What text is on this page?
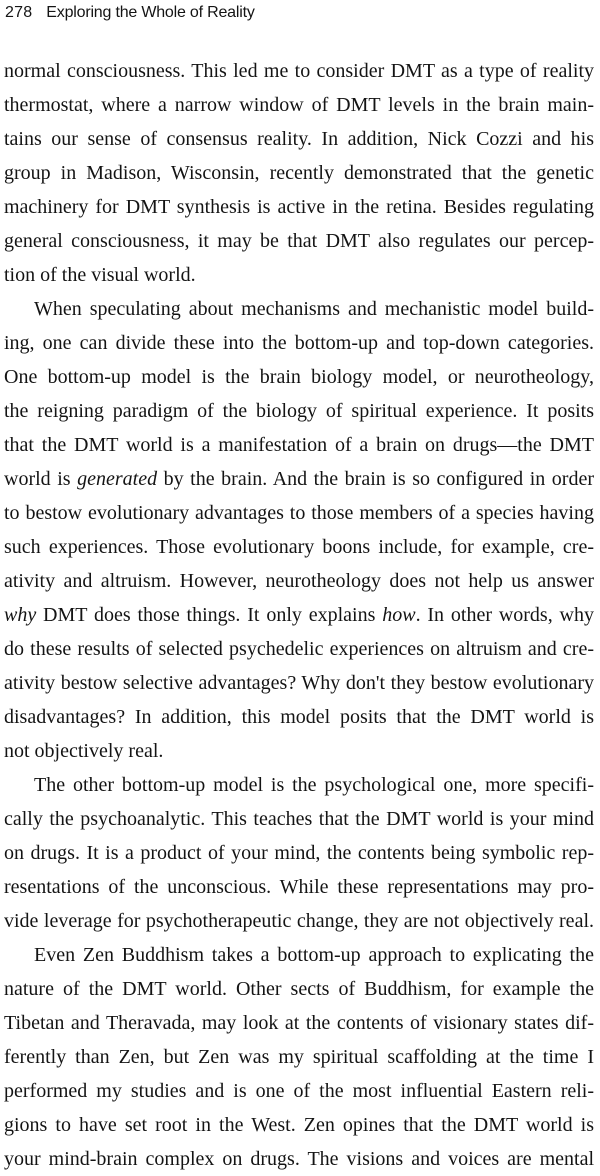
278 Exploring the Whole of Reality
normal consciousness. This led me to consider DMT as a type of reality
thermostat, where a narrow window of DMT levels in the brain main-
tains our sense of consensus reality. In addition, Nick Cozzi and his
group in Madison, Wisconsin, recently demonstrated that the genetic
machinery for DMT synthesis is active in the retina. Besides regulating
general consciousness, it may be that DMT also regulates our percep-
tion of the visual world.
When speculating about mechanisms and mechanistic model build-
ing, one can divide these into the bottom-up and top-down categories.
One bottom-up model is the brain biology model, or neurotheology,
the reigning paradigm of the biology of spiritual experience. It posits
that the DMT world is a manifestation of a brain on drugs—the DMT
world is generated by the brain. And the brain is so configured in order
to bestow evolutionary advantages to those members of a species having
such experiences. Those evolutionary boons include, for example, cre-
ativity and altruism. However, neurotheology does not help us answer
why DMT does those things. It only explains how. In other words, why
do these results of selected psychedelic experiences on altruism and cre-
ativity bestow selective advantages? Why don't they bestow evolutionary
disadvantages? In addition, this model posits that the DMT world is
not objectively real.
The other bottom-up model is the psychological one, more specifi-
cally the psychoanalytic. This teaches that the DMT world is your mind
on drugs. It is a product of your mind, the contents being symbolic rep-
resentations of the unconscious. While these representations may pro-
vide leverage for psychotherapeutic change, they are not objectively real.
Even Zen Buddhism takes a bottom-up approach to explicating the
nature of the DMT world. Other sects of Buddhism, for example the
Tibetan and Theravada, may look at the contents of visionary states dif-
ferently than Zen, but Zen was my spiritual scaffolding at the time I
performed my studies and is one of the most influential Eastern reli-
gions to have set root in the West. Zen opines that the DMT world is
your mind-brain complex on drugs. The visions and voices are mental
